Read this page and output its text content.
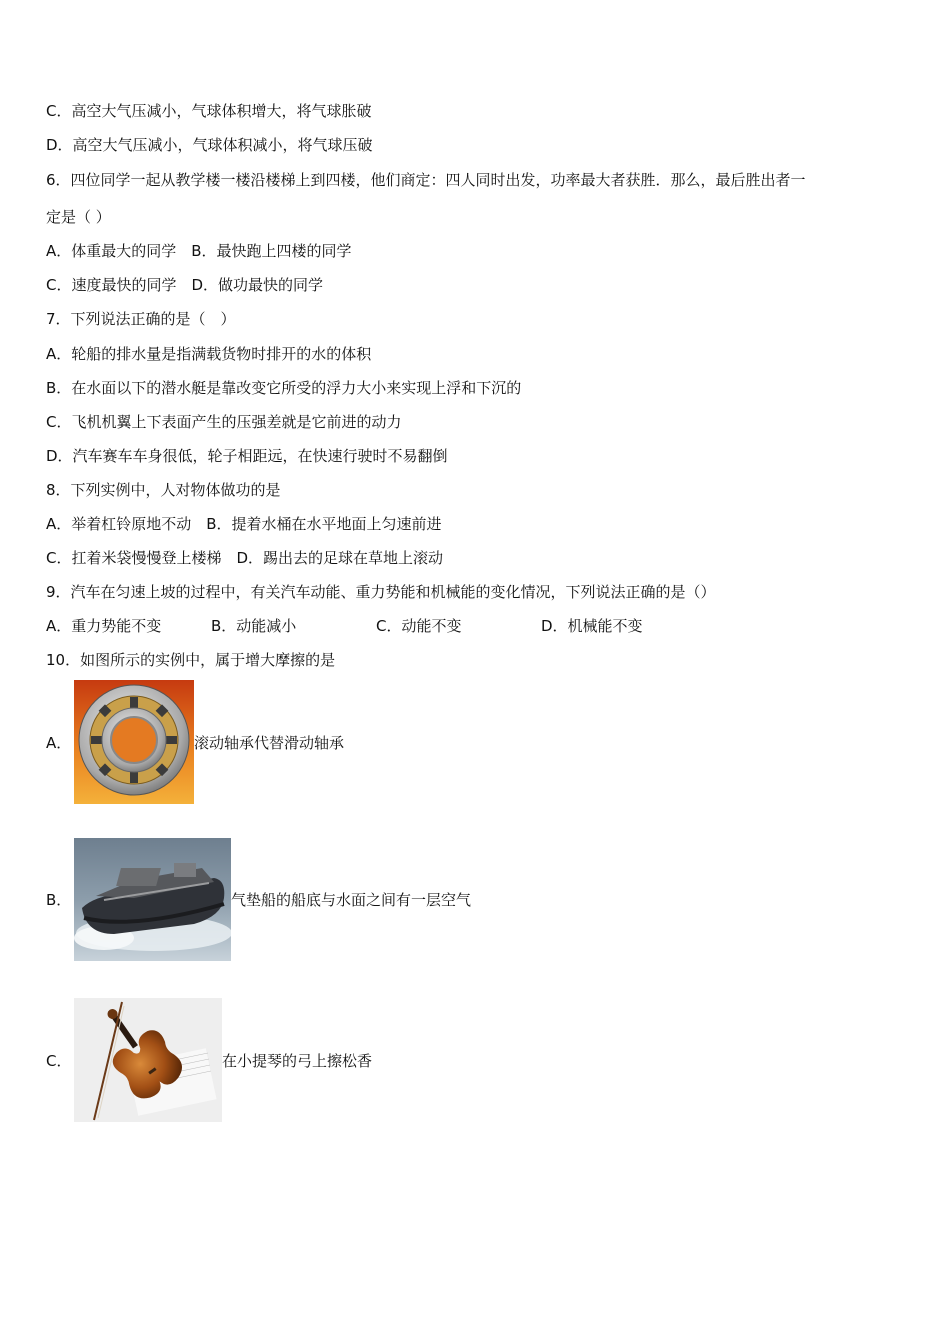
C．高空大气压减小，气球体积增大，将气球胀破
D．高空大气压减小，气球体积减小，将气球压破
6．四位同学一起从教学楼一楼沿楼梯上到四楼，他们商定：四人同时出发，功率最大者获胜．那么，最后胜出者一
定是（ ）
A．体重最大的同学　B．最快跑上四楼的同学
C．速度最快的同学　D．做功最快的同学
7．下列说法正确的是（　）
A．轮船的排水量是指满载货物时排开的水的体积
B．在水面以下的潜水艇是靠改变它所受的浮力大小来实现上浮和下沉的
C．飞机机翼上下表面产生的压强差就是它前进的动力
D．汽车赛车车身很低，轮子相距远，在快速行驶时不易翻倒
8．下列实例中，人对物体做功的是
A．举着杠铃原地不动　B．提着水桶在水平地面上匀速前进
C．扛着米袋慢慢登上楼梯　D．踢出去的足球在草地上滚动
9．汽车在匀速上坡的过程中，有关汽车动能、重力势能和机械能的变化情况，下列说法正确的是（）
A．重力势能不变	B．动能减小	C．动能不变	D．机械能不变
10．如图所示的实例中，属于增大摩擦的是
A．	滚动轴承代替滑动轴承
B．	气垫船的船底与水面之间有一层空气
C．	在小提琴的弓上擦松香
